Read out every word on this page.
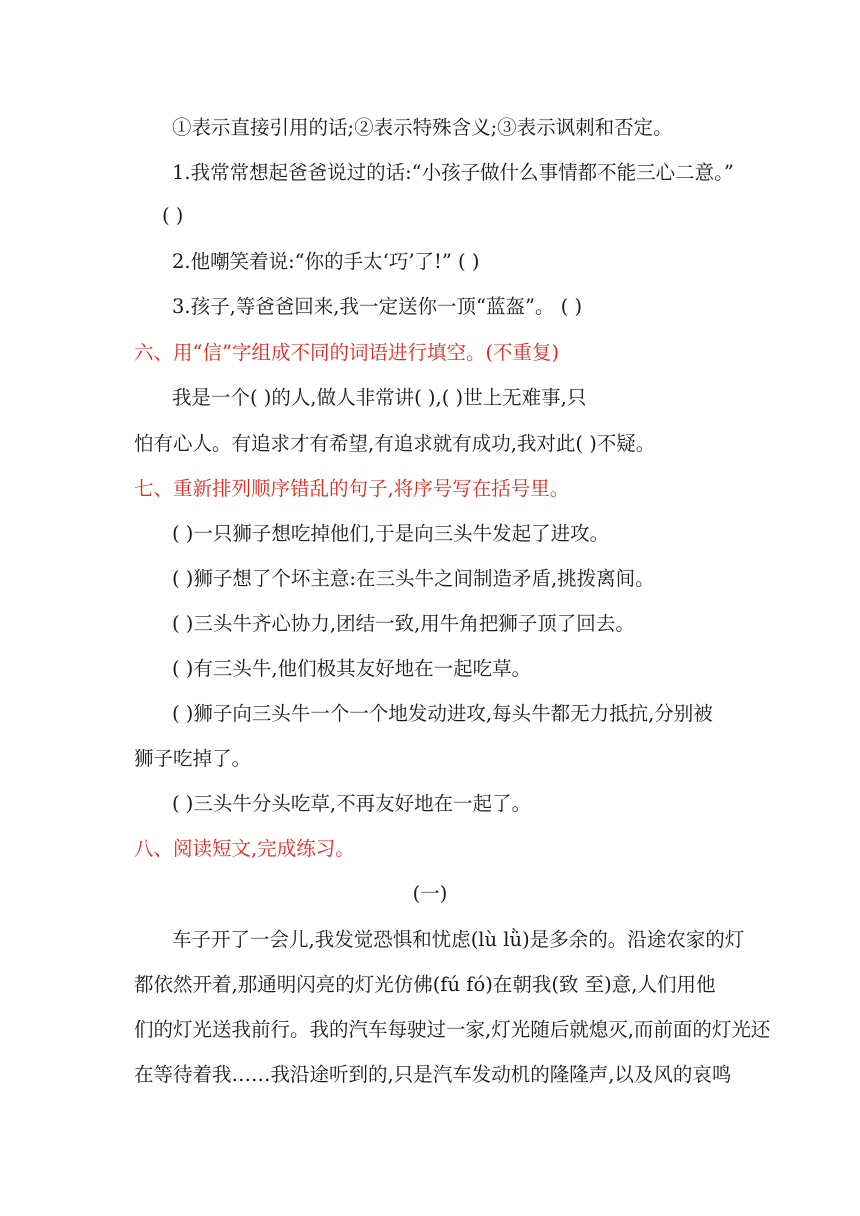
①表示直接引用的话;②表示特殊含义;③表示讽刺和否定。
1.我常常想起爸爸说过的话:“小孩子做什么事情都不能三心二意。”
( )
2.他嘲笑着说:“你的手太‘巧’了!” ( )
3.孩子,等爸爸回来,我一定送你一顶“蓝盔”。 ( )
六、用“信”字组成不同的词语进行填空。(不重复)
我是一个( )的人,做人非常讲( ),( )世上无难事,只
怕有心人。有追求才有希望,有追求就有成功,我对此( )不疑。
七、重新排列顺序错乱的句子,将序号写在括号里。
( )一只狮子想吃掉他们,于是向三头牛发起了进攻。
( )狮子想了个坏主意:在三头牛之间制造矛盾,挑拨离间。
( )三头牛齐心协力,团结一致,用牛角把狮子顶了回去。
( )有三头牛,他们极其友好地在一起吃草。
( )狮子向三头牛一个一个地发动进攻,每头牛都无力抵抗,分别被
狮子吃掉了。
( )三头牛分头吃草,不再友好地在一起了。
八、阅读短文,完成练习。
(一)
车子开了一会儿,我发觉恐惧和忧虑(lù lǜ)是多余的。沿途农家的灯
都依然开着,那通明闪亮的灯光仿佛(fú fó)在朝我(致 至)意,人们用他
们的灯光送我前行。我的汽车每驶过一家,灯光随后就熄灭,而前面的灯光还
在等待着我……我沿途听到的,只是汽车发动机的隆隆声,以及风的哀鸣
